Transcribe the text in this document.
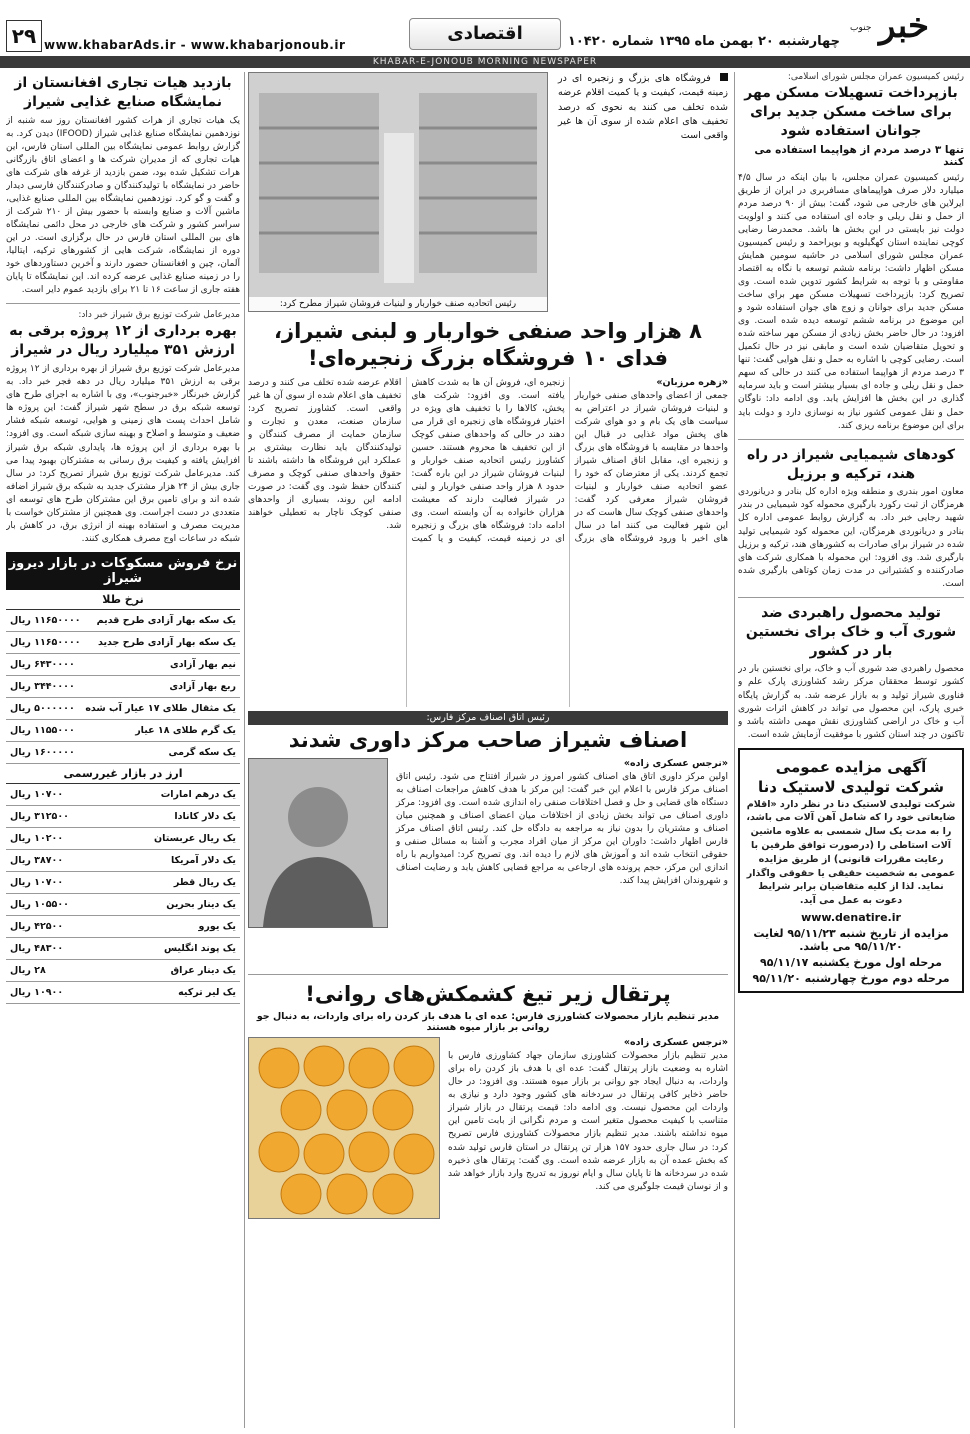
خبر
جنوب
چهارشنبه ۲۰ بهمن ماه ۱۳۹۵ شماره ۱۰۴۲۰
اقتصادی
www.khabarAds.ir - www.khabarjonoub.ir
۲۹
KHABAR-E-JONOUB MORNING NEWSPAPER
رئیس کمیسیون عمران مجلس شورای اسلامی:
بازپرداخت تسهیلات مسکن مهر برای ساخت مسکن جدید برای جوانان استفاده شود
تنها ۳ درصد مردم از هواپیما استفاده می کنند

رئیس کمیسیون عمران مجلس، با بیان اینکه در سال ۴/۵ میلیارد دلار صرف هواپیماهای مسافربری در ایران از طریق ایرلاین های خارجی می شود، گفت: بیش از ۹۰ درصد مردم از حمل و نقل ریلی و جاده ای استفاده می کنند و اولویت دولت نیز بایستی در این بخش ها باشد. محمدرضا رضایی کوچی نماینده استان کهگیلویه و بویراحمد و رئیس کمیسیون عمران مجلس شورای اسلامی در حاشیه سومین همایش مسکن اظهار داشت: برنامه ششم توسعه با نگاه به اقتصاد مقاومتی و با توجه به شرایط کشور تدوین شده است. وی تصریح کرد: بازپرداخت تسهیلات مسکن مهر برای ساخت مسکن جدید برای جوانان و زوج های جوان استفاده شود و این موضوع در برنامه ششم توسعه دیده شده است. وی افزود: در حال حاضر بخش زیادی از مسکن مهر ساخته شده و تحویل متقاضیان شده است و مابقی نیز در حال تکمیل است. رضایی کوچی با اشاره به حمل و نقل هوایی گفت: تنها ۳ درصد مردم از هواپیما استفاده می کنند در حالی که سهم حمل و نقل ریلی و جاده ای بسیار بیشتر است و باید سرمایه گذاری در این بخش ها افزایش یابد. وی ادامه داد: ناوگان حمل و نقل عمومی کشور نیاز به نوسازی دارد و دولت باید برای این موضوع برنامه ریزی کند.

کودهای شیمیایی شیراز در راه هند، ترکیه و برزیل

معاون امور بندری و منطقه ویژه اداره کل بنادر و دریانوردی هرمزگان از ثبت رکورد بارگیری محموله کود شیمیایی در بندر شهید رجایی خبر داد. به گزارش روابط عمومی اداره کل بنادر و دریانوردی هرمزگان، این محموله کود شیمیایی تولید شده در شیراز برای صادرات به کشورهای هند، ترکیه و برزیل بارگیری شد. وی افزود: این محموله با همکاری شرکت های صادرکننده و کشتیرانی در مدت زمان کوتاهی بارگیری شده است.

تولید محصول راهبردی ضد شوری آب و خاک برای نخستین بار در کشور

محصول راهبردی ضد شوری آب و خاک، برای نخستین بار در کشور توسط محققان مرکز رشد کشاورزی پارک علم و فناوری شیراز تولید و به بازار عرضه شد. به گزارش پایگاه خبری پارک، این محصول می تواند در کاهش اثرات شوری آب و خاک در اراضی کشاورزی نقش مهمی داشته باشد و تاکنون در چند استان کشور با موفقیت آزمایش شده است.

آگهی مزایده عمومی
شرکت تولیدی لاستیک دنا

شرکت تولیدی لاستیک دنا در نظر دارد «اقلام ضایعاتی خود را که شامل آهن آلات می باشد، را به مدت یک سال شمسی به علاوه ماشین آلات استاطی را (درصورت توافق طرفین با رعایت مقررات قانونی) از طریق مزایده عمومی به شخصیت حقیقی یا حقوقی واگذار نماید. لذا از کلیه متقاضیان برابر شرایط دعوت به عمل می آید.

www.denatire.ir
مزایده از تاریخ شنبه ۹۵/۱۱/۲۳ لغایت ۹۵/۱۱/۲۰ می باشد.
مرحله اول مورخ یکشنبه ۹۵/۱۱/۱۷
مرحله دوم مورخ چهارشنبه ۹۵/۱۱/۲۰
فروشگاه های بزرگ و زنجیره ای در زمینه قیمت، کیفیت و یا کمیت اقلام عرضه شده تخلف می کنند به نحوی که درصد تخفیف های اعلام شده از سوی آن ها غیر واقعی است
رئیس اتحادیه صنف خواربار و لبنیات فروشان شیراز مطرح کرد:
۸ هزار واحد صنفی خواربار و لبنی شیراز، فدای ۱۰ فروشگاه بزرگ زنجیره‌ای!
«زهره مرزبان»

جمعی از اعضای واحدهای صنفی خواربار و لبنیات فروشان شیراز در اعتراض به سیاست های یک بام و دو هوای شرکت های پخش مواد غذایی در قبال این واحدها در مقایسه با فروشگاه های بزرگ و زنجیره ای، مقابل اتاق اصناف شیراز تجمع کردند. یکی از معترضان که خود را عضو اتحادیه صنف خواربار و لبنیات فروشان شیراز معرفی کرد گفت: واحدهای صنفی کوچک سال هاست که در این شهر فعالیت می کنند اما در سال های اخیر با ورود فروشگاه های بزرگ زنجیره ای، فروش آن ها به شدت کاهش یافته است. وی افزود: شرکت های پخش، کالاها را با تخفیف های ویژه در اختیار فروشگاه های زنجیره ای قرار می دهند در حالی که واحدهای صنفی کوچک از این تخفیف ها محروم هستند. حسین کشاورز رئیس اتحادیه صنف خواربار و لبنیات فروشان شیراز در این باره گفت: حدود ۸ هزار واحد صنفی خواربار و لبنی در شیراز فعالیت دارند که معیشت هزاران خانواده به آن وابسته است. وی ادامه داد: فروشگاه های بزرگ و زنجیره ای در زمینه قیمت، کیفیت و یا کمیت اقلام عرضه شده تخلف می کنند و درصد تخفیف های اعلام شده از سوی آن ها غیر واقعی است. کشاورز تصریح کرد: سازمان صنعت، معدن و تجارت و سازمان حمایت از مصرف کنندگان و تولیدکنندگان باید نظارت بیشتری بر عملکرد این فروشگاه ها داشته باشند تا حقوق واحدهای صنفی کوچک و مصرف کنندگان حفظ شود. وی گفت: در صورت ادامه این روند، بسیاری از واحدهای صنفی کوچک ناچار به تعطیلی خواهند شد.

رئیس اتاق اصناف مرکز فارس:
اصناف شیراز صاحب مرکز داوری شدند
«نرجس عسکری زاده»

اولین مرکز داوری اتاق های اصناف کشور امروز در شیراز افتتاح می شود. رئیس اتاق اصناف مرکز فارس با اعلام این خبر گفت: این مرکز با هدف کاهش مراجعات اصناف به دستگاه های قضایی و حل و فصل اختلافات صنفی راه اندازی شده است. وی افزود: مرکز داوری اصناف می تواند بخش زیادی از اختلافات میان اعضای اصناف و همچنین میان اصناف و مشتریان را بدون نیاز به مراجعه به دادگاه حل کند. رئیس اتاق اصناف مرکز فارس اظهار داشت: داوران این مرکز از میان افراد مجرب و آشنا به مسائل صنفی و حقوقی انتخاب شده اند و آموزش های لازم را دیده اند. وی تصریح کرد: امیدواریم با راه اندازی این مرکز، حجم پرونده های ارجاعی به مراجع قضایی کاهش یابد و رضایت اصناف و شهروندان افزایش پیدا کند.

پرتقال زیر تیغ کشمکش‌های روانی!
مدیر تنظیم بازار محصولات کشاورزی فارس: عده ای با هدف باز کردن راه برای واردات، به دنبال جو روانی بر بازار میوه هستند
«نرجس عسکری زاده»

مدیر تنظیم بازار محصولات کشاورزی سازمان جهاد کشاورزی فارس با اشاره به وضعیت بازار پرتقال گفت: عده ای با هدف باز کردن راه برای واردات، به دنبال ایجاد جو روانی بر بازار میوه هستند. وی افزود: در حال حاضر ذخایر کافی پرتقال در سردخانه های کشور وجود دارد و نیازی به واردات این محصول نیست. وی ادامه داد: قیمت پرتقال در بازار شیراز متناسب با کیفیت محصول متغیر است و مردم نگرانی از بابت تامین این میوه نداشته باشند. مدیر تنظیم بازار محصولات کشاورزی فارس تصریح کرد: در سال جاری حدود ۱۵۷ هزار تن پرتقال در استان فارس تولید شده که بخش عمده آن به بازار عرضه شده است. وی گفت: پرتقال های ذخیره شده در سردخانه ها تا پایان سال و ایام نوروز به تدریج وارد بازار خواهد شد و از نوسان قیمت جلوگیری می کند.

بازدید هیات تجاری افغانستان از نمایشگاه صنایع غذایی شیراز

یک هیات تجاری از هرات کشور افغانستان روز سه شنبه از نوزدهمین نمایشگاه صنایع غذایی شیراز (IFOOD) دیدن کرد. به گزارش روابط عمومی نمایشگاه بین المللی استان فارس، این هیات تجاری که از مدیران شرکت ها و اعضای اتاق بازرگانی هرات تشکیل شده بود، ضمن بازدید از غرفه های شرکت های حاضر در نمایشگاه با تولیدکنندگان و صادرکنندگان فارسی دیدار و گفت و گو کرد. نوزدهمین نمایشگاه بین المللی صنایع غذایی، ماشین آلات و صنایع وابسته با حضور بیش از ۲۱۰ شرکت از سراسر کشور و شرکت های خارجی در محل دائمی نمایشگاه های بین المللی استان فارس در حال برگزاری است. در این دوره از نمایشگاه، شرکت هایی از کشورهای ترکیه، ایتالیا، آلمان، چین و افغانستان حضور دارند و آخرین دستاوردهای خود را در زمینه صنایع غذایی عرضه کرده اند. این نمایشگاه تا پایان هفته جاری از ساعت ۱۶ تا ۲۱ برای بازدید عموم دایر است.

مدیرعامل شرکت توزیع برق شیراز خبر داد:
بهره برداری از ۱۲ پروژه برقی به ارزش ۳۵۱ میلیارد ریال در شیراز

مدیرعامل شرکت توزیع برق شیراز از بهره برداری از ۱۲ پروژه برقی به ارزش ۳۵۱ میلیارد ریال در دهه فجر خبر داد. به گزارش خبرنگار «خبرجنوب»، وی با اشاره به اجرای طرح های توسعه شبکه برق در سطح شهر شیراز گفت: این پروژه ها شامل احداث پست های زمینی و هوایی، توسعه شبکه فشار ضعیف و متوسط و اصلاح و بهینه سازی شبکه است. وی افزود: با بهره برداری از این پروژه ها، پایداری شبکه برق شیراز افزایش یافته و کیفیت برق رسانی به مشترکان بهبود پیدا می کند. مدیرعامل شرکت توزیع برق شیراز تصریح کرد: در سال جاری بیش از ۲۴ هزار مشترک جدید به شبکه برق شیراز اضافه شده اند و برای تامین برق این مشترکان طرح های توسعه ای متعددی در دست اجراست. وی همچنین از مشترکان خواست با مدیریت مصرف و استفاده بهینه از انرژی برق، در کاهش بار شبکه در ساعات اوج مصرف همکاری کنند.

نرخ فروش مسکوکات در بازار دیروز شیراز
نرخ طلا
یک سکه بهار آزادی طرح قدیم
۱۱۶۵۰۰۰۰ ریال
یک سکه بهار آزادی طرح جدید
۱۱۶۵۰۰۰۰ ریال
نیم بهار آزادی
۶۴۳۰۰۰۰ ریال
ربع بهار آزادی
۳۴۴۰۰۰۰ ریال
یک مثقال طلای ۱۷ عیار آب شده
۵۰۰۰۰۰۰ ریال
یک گرم طلای ۱۸ عیار
۱۱۵۵۰۰۰ ریال
یک سکه گرمی
۱۶۰۰۰۰۰ ریال
ارز در بازار غیررسمی
یک درهم امارات
۱۰۷۰۰ ریال
یک دلار کانادا
۳۱۲۵۰۰ ریال
یک ریال عربستان
۱۰۲۰۰ ریال
یک دلار آمریکا
۳۸۷۰۰ ریال
یک ریال قطر
۱۰۷۰۰ ریال
یک دینار بحرین
۱۰۵۵۰۰ ریال
یک یورو
۴۲۵۰۰ ریال
یک پوند انگلیس
۴۸۳۰۰ ریال
یک دینار عراق
۲۸ ریال
یک لیر ترکیه
۱۰۹۰۰ ریال
